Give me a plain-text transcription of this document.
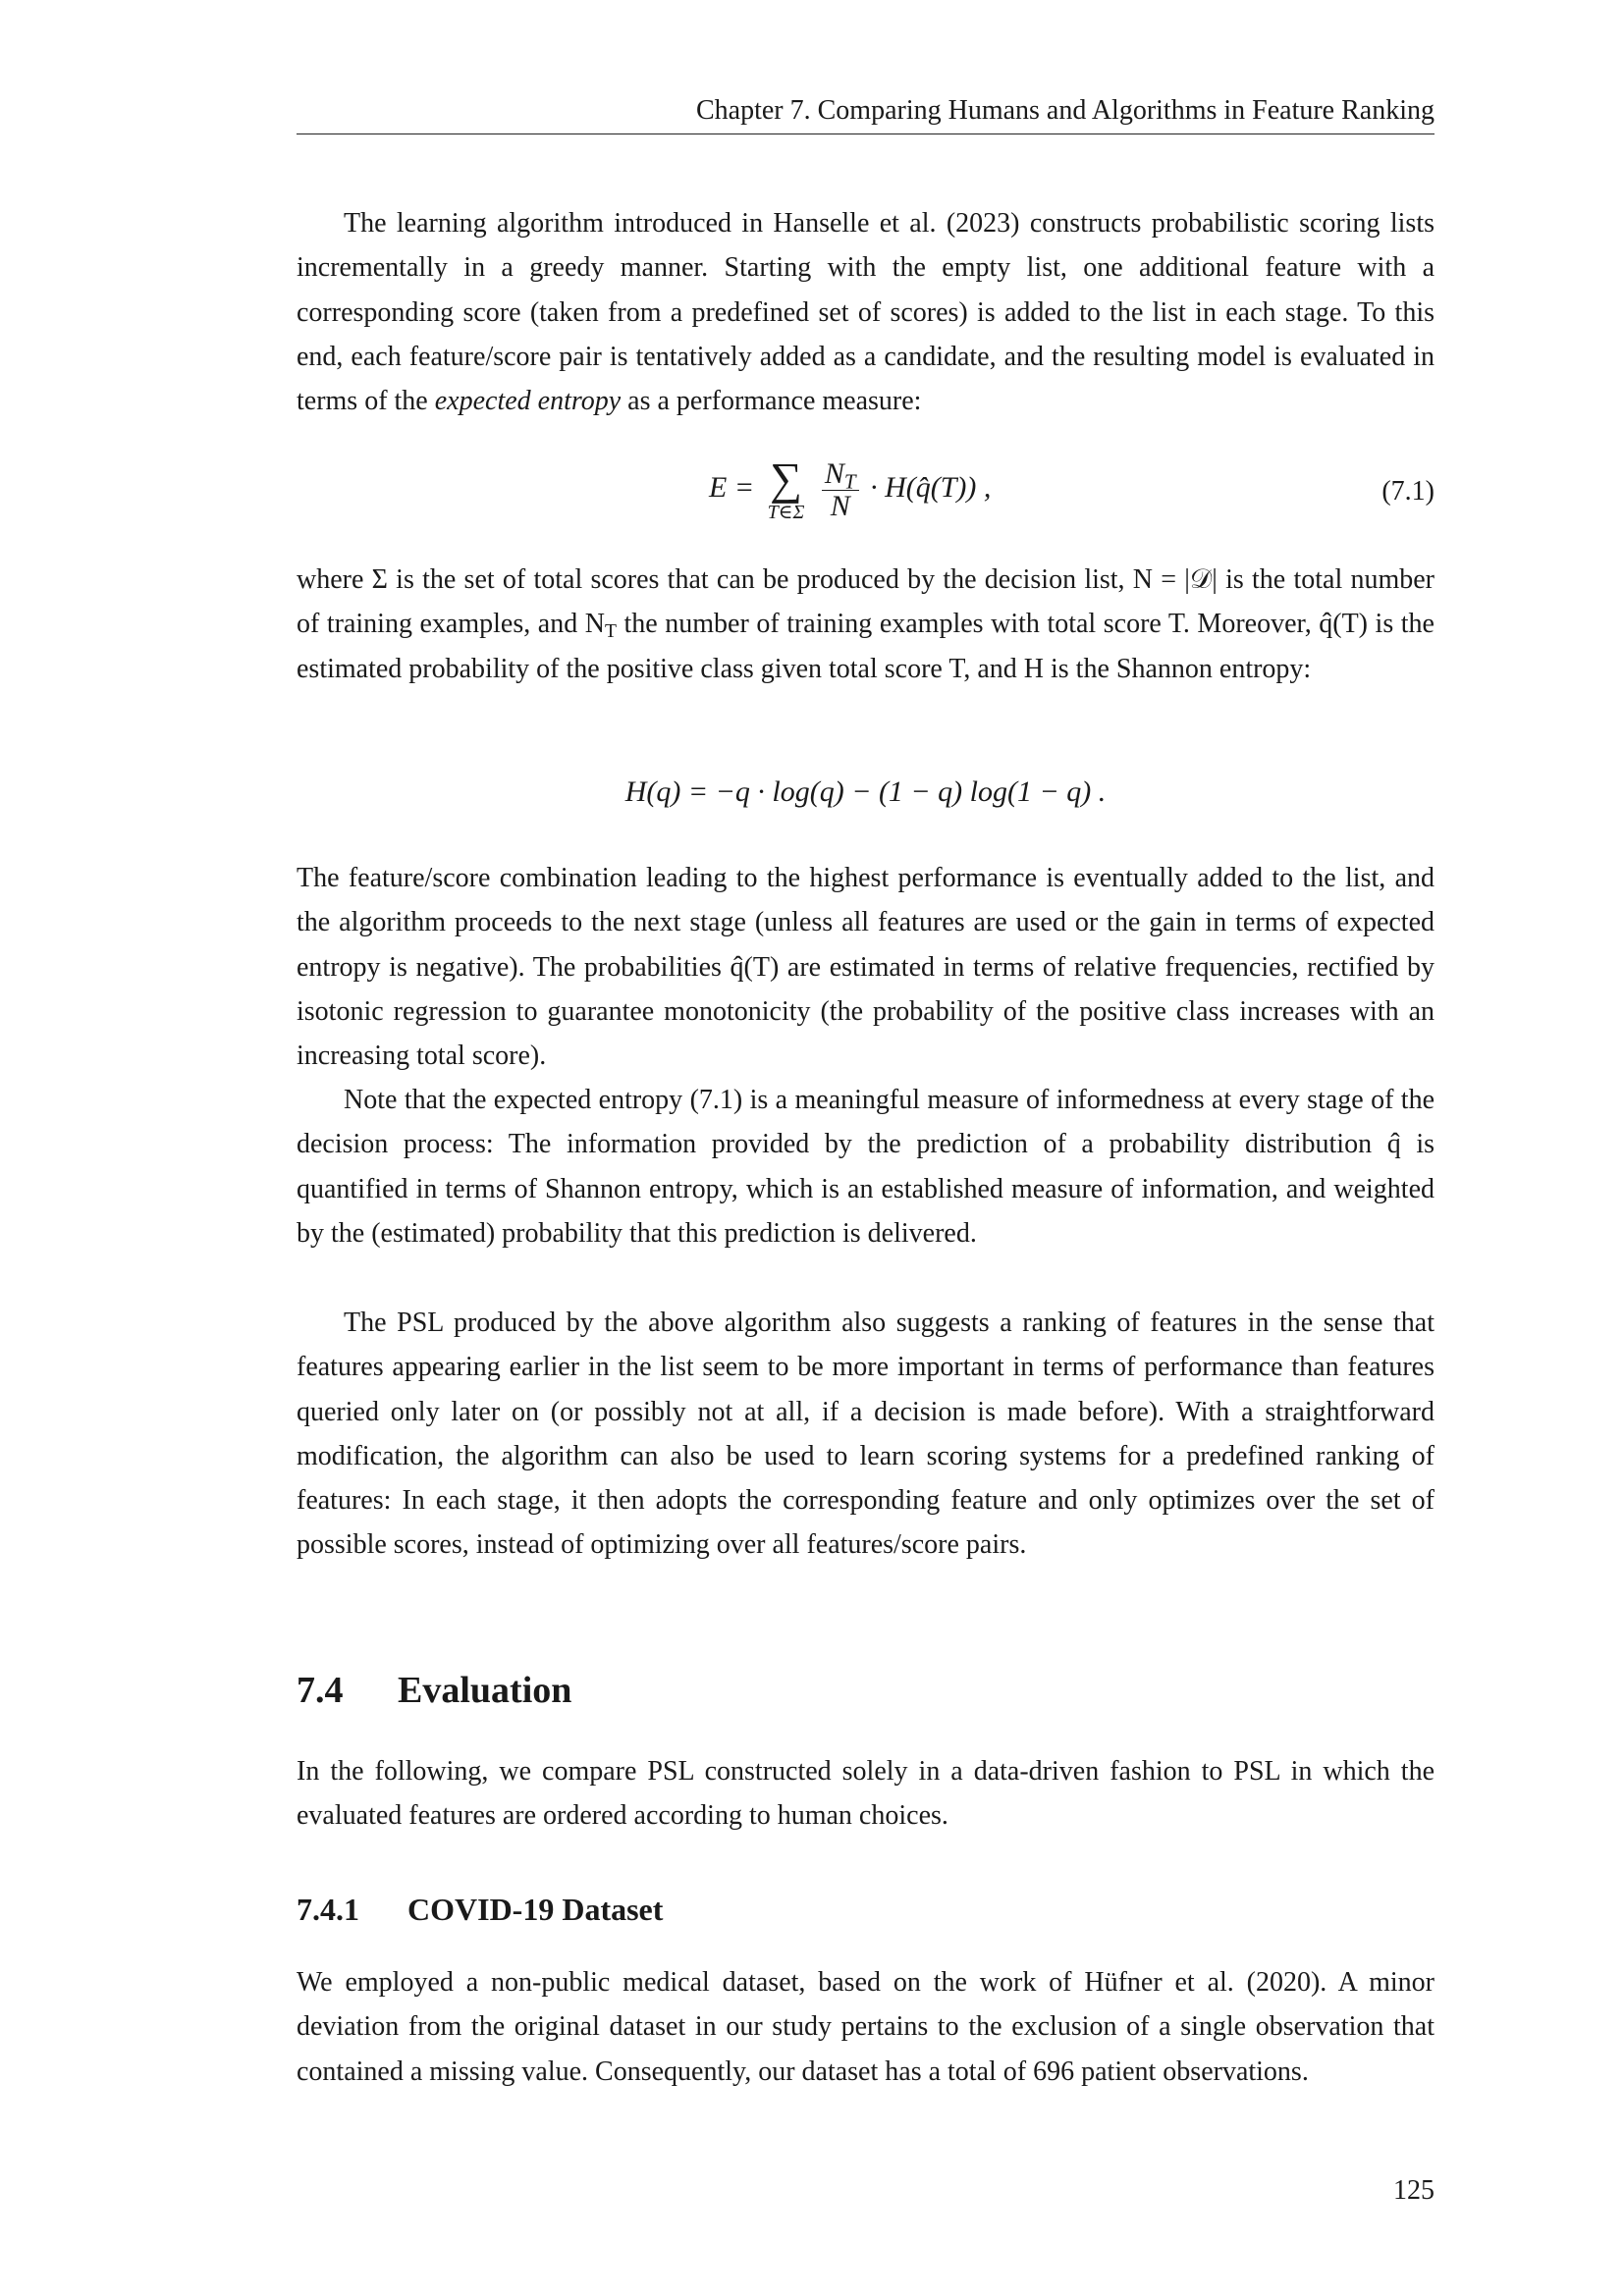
Chapter 7. Comparing Humans and Algorithms in Feature Ranking

The learning algorithm introduced in Hanselle et al. (2023) constructs probabilistic scoring lists incrementally in a greedy manner. Starting with the empty list, one additional feature with a corresponding score (taken from a predefined set of scores) is added to the list in each stage. To this end, each feature/score pair is tentatively added as a candidate, and the resulting model is evaluated in terms of the expected entropy as a performance measure:

E = ∑
T∈Σ
$\frac{N_T}{N}$ · H(q̂(T)) ,	(7.1)

where Σ is the set of total scores that can be produced by the decision list, N = |𝒟| is the total number of training examples, and $N_T$ the number of training examples with total score T. Moreover, q̂(T) is the estimated probability of the positive class given total score T, and H is the Shannon entropy:

H(q) = −q · log(q) − (1 − q) log(1 − q) .

The feature/score combination leading to the highest performance is eventually added to the list, and the algorithm proceeds to the next stage (unless all features are used or the gain in terms of expected entropy is negative). The probabilities q̂(T) are estimated in terms of relative frequencies, rectified by isotonic regression to guarantee monotonicity (the probability of the positive class increases with an increasing total score).

Note that the expected entropy (7.1) is a meaningful measure of informedness at every stage of the decision process: The information provided by the prediction of a probability distribution q̂ is quantified in terms of Shannon entropy, which is an established measure of information, and weighted by the (estimated) probability that this prediction is delivered.

The PSL produced by the above algorithm also suggests a ranking of features in the sense that features appearing earlier in the list seem to be more important in terms of performance than features queried only later on (or possibly not at all, if a decision is made before). With a straightforward modification, the algorithm can also be used to learn scoring systems for a predefined ranking of features: In each stage, it then adopts the corresponding feature and only optimizes over the set of possible scores, instead of optimizing over all features/score pairs.

7.4 Evaluation

In the following, we compare PSL constructed solely in a data-driven fashion to PSL in which the evaluated features are ordered according to human choices.

7.4.1 COVID-19 Dataset

We employed a non-public medical dataset, based on the work of Hüfner et al. (2020). A minor deviation from the original dataset in our study pertains to the exclusion of a single observation that contained a missing value. Consequently, our dataset has a total of 696 patient observations.

125
